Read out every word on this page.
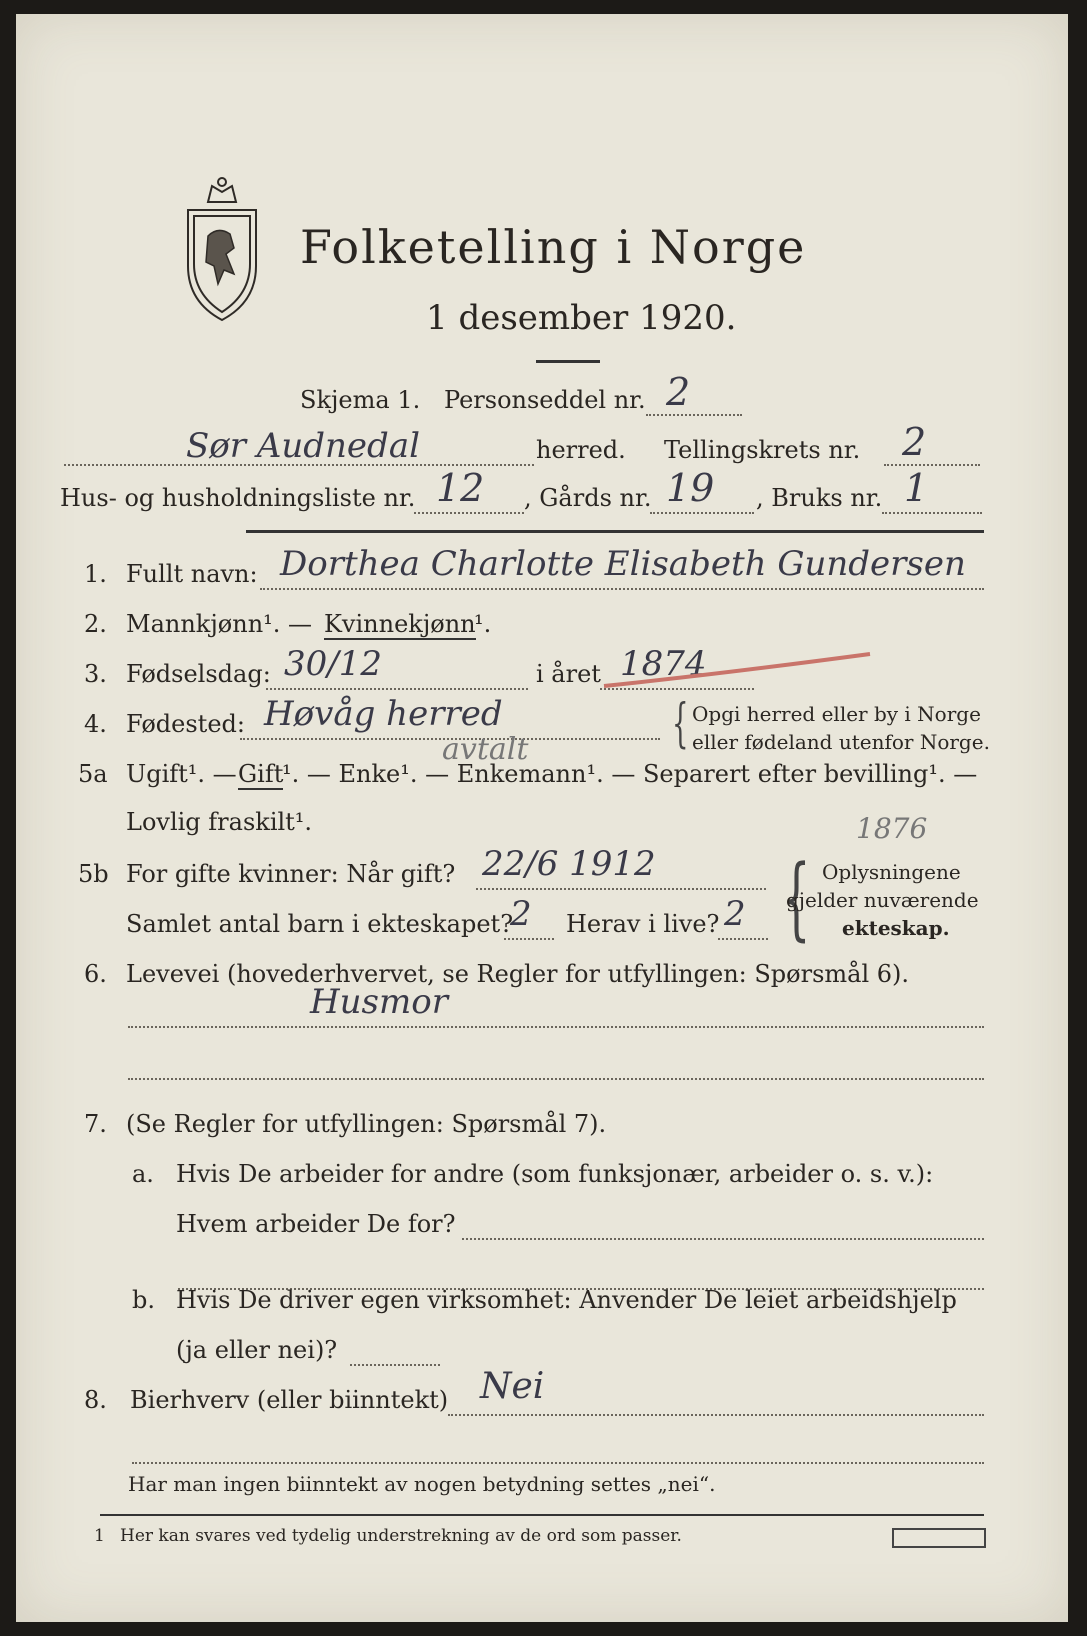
Folketelling i Norge
1 desember 1920.
Skjema 1. Personseddel nr. 2
Sør Audnedal	herred. Tellingskrets nr. 2
Hus- og husholdningsliste nr. 12 , Gårds nr. 19 , Bruks nr. 1
1. Fullt navn: Dorthea Charlotte Elisabeth Gundersen
2. Mannkjønn¹. — Kvinnekjønn
¹.
3. Fødselsdag: 30/12	i året 1874
4. Fødested: Høvåg herred	{ Opgi herred eller by i Norge
eller fødeland utenfor Norge.
5a Ugift¹. — Gift
¹. — Enke¹. — Enkemann¹. — Separert efter bevilling¹. —
avtalt
Lovlig fraskilt¹.
5b For gifte kvinner: Når gift? 22/6 1912
1876
Samlet antal barn i ekteskapet?
2 Herav i live? 2 { Oplysningene
gjelder nuværende
ekteskap.
6. Levevei (hovederhvervet, se Regler for utfyllingen: Spørsmål 6).
Husmor
7. (Se Regler for utfyllingen: Spørsmål 7).
a. Hvis De arbeider for andre (som funksjonær, arbeider o. s. v.):
Hvem arbeider De for?
b. Hvis De driver egen virksomhet: Anvender De leiet arbeidshjelp
(ja eller nei)?
8. Bierhverv (eller biinntekt) Nei
Har man ingen biinntekt av nogen betydning settes „nei“.
1 Her kan svares ved tydelig understrekning av de ord som passer.
